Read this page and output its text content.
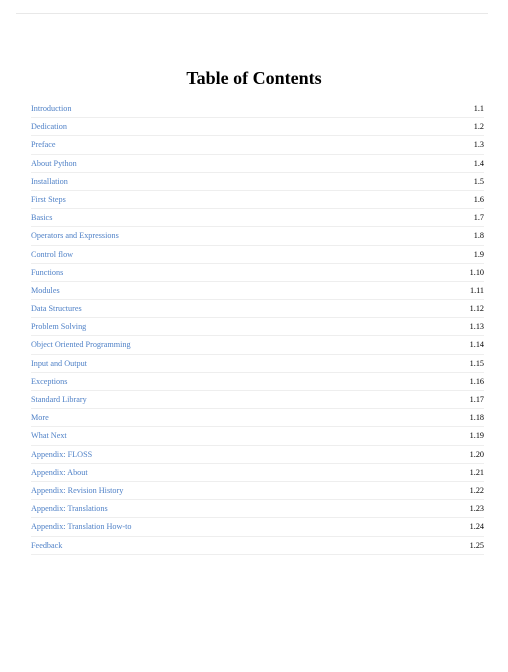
Table of Contents
Introduction	1.1
Dedication	1.2
Preface	1.3
About Python	1.4
Installation	1.5
First Steps	1.6
Basics	1.7
Operators and Expressions	1.8
Control flow	1.9
Functions	1.10
Modules	1.11
Data Structures	1.12
Problem Solving	1.13
Object Oriented Programming	1.14
Input and Output	1.15
Exceptions	1.16
Standard Library	1.17
More	1.18
What Next	1.19
Appendix: FLOSS	1.20
Appendix: About	1.21
Appendix: Revision History	1.22
Appendix: Translations	1.23
Appendix: Translation How-to	1.24
Feedback	1.25
